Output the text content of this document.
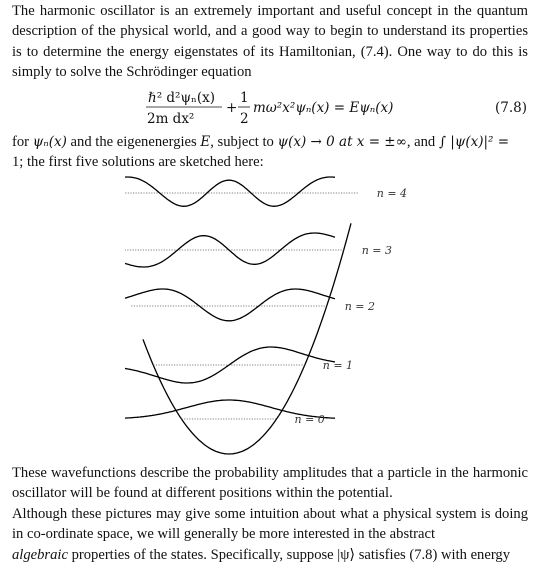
The harmonic oscillator is an extremely important and useful concept in the quantum description of the physical world, and a good way to begin to understand its properties is to determine the energy eigenstates of its Hamiltonian, (7.4). One way to do this is simply to solve the Schrödinger equation

ℏ² d²ψₙ(x)
2m dx²
+
1
2
mω²x²ψₙ(x) = Eψₙ(x)	(7.8)

for ψₙ(x) and the eigenenergies E, subject to ψ(x) → 0 at x = ±∞, and ∫ |ψ(x)|² =
1; the first five solutions are sketched here:

n = 0
n = 1
n = 2
n = 3
n = 4

These wavefunctions describe the probability amplitudes that a particle in the harmonic oscillator will be found at different positions within the potential.
Although these pictures may give some intuition about what a physical system is doing in co-ordinate space, we will generally be more interested in the abstract
algebraic properties of the states. Specifically, suppose |ψ⟩ satisfies (7.8) with energy
